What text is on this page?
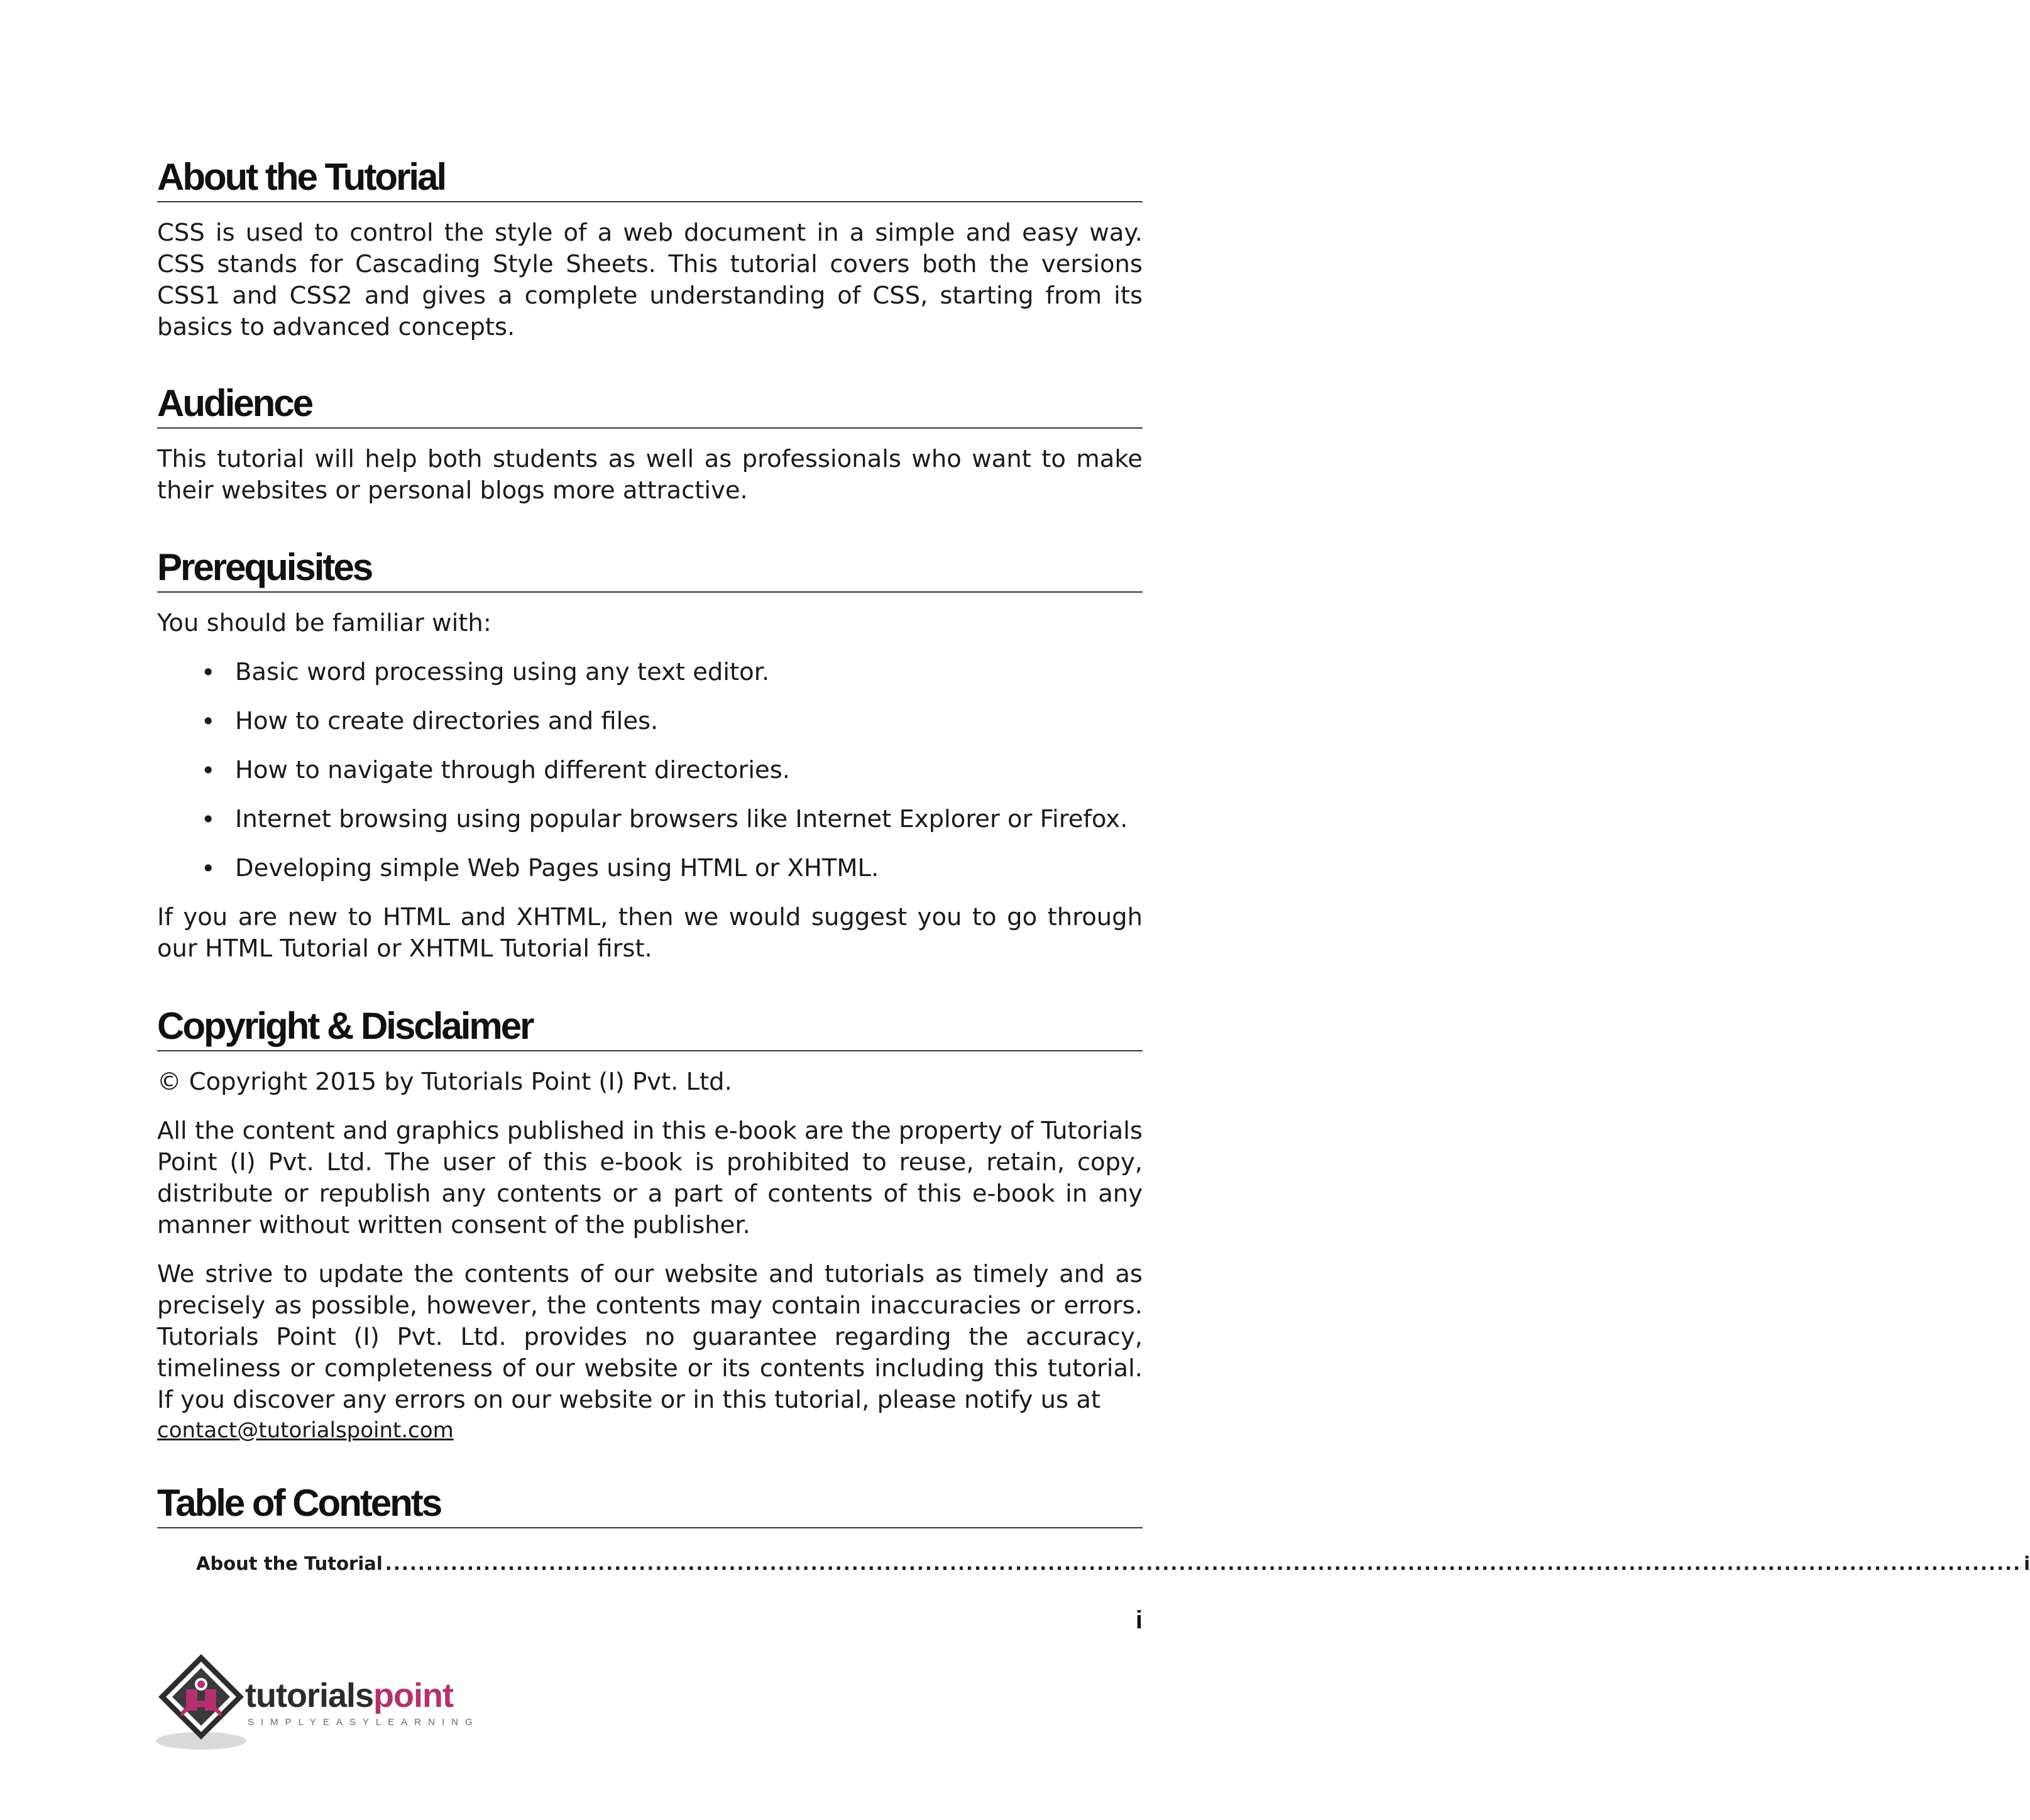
About the Tutorial

CSS is used to control the style of a web document in a simple and easy way. CSS stands for Cascading Style Sheets. This tutorial covers both the versions CSS1 and CSS2 and gives a complete understanding of CSS, starting from its basics to advanced concepts.

Audience

This tutorial will help both students as well as professionals who want to make their websites or personal blogs more attractive.

Prerequisites

You should be familiar with:

• Basic word processing using any text editor.
• How to create directories and files.
• How to navigate through different directories.
• Internet browsing using popular browsers like Internet Explorer or Firefox.
• Developing simple Web Pages using HTML or XHTML.

If you are new to HTML and XHTML, then we would suggest you to go through our HTML Tutorial or XHTML Tutorial first.

Copyright & Disclaimer

© Copyright 2015 by Tutorials Point (I) Pvt. Ltd.

All the content and graphics published in this e-book are the property of Tutorials Point (I) Pvt. Ltd. The user of this e-book is prohibited to reuse, retain, copy, distribute or republish any contents or a part of contents of this e-book in any manner without written consent of the publisher.

We strive to update the contents of our website and tutorials as timely and as precisely as possible, however, the contents may contain inaccuracies or errors. Tutorials Point (I) Pvt. Ltd. provides no guarantee regarding the accuracy, timeliness or completeness of our website or its contents including this tutorial. If you discover any errors on our website or in this tutorial, please notify us at

contact@tutorialspoint.com
Table of Contents
About the Tutorial ........................................................................................................................................................................................................ i
i
tutorialspoint
SIMPLYEASYLEARNING
